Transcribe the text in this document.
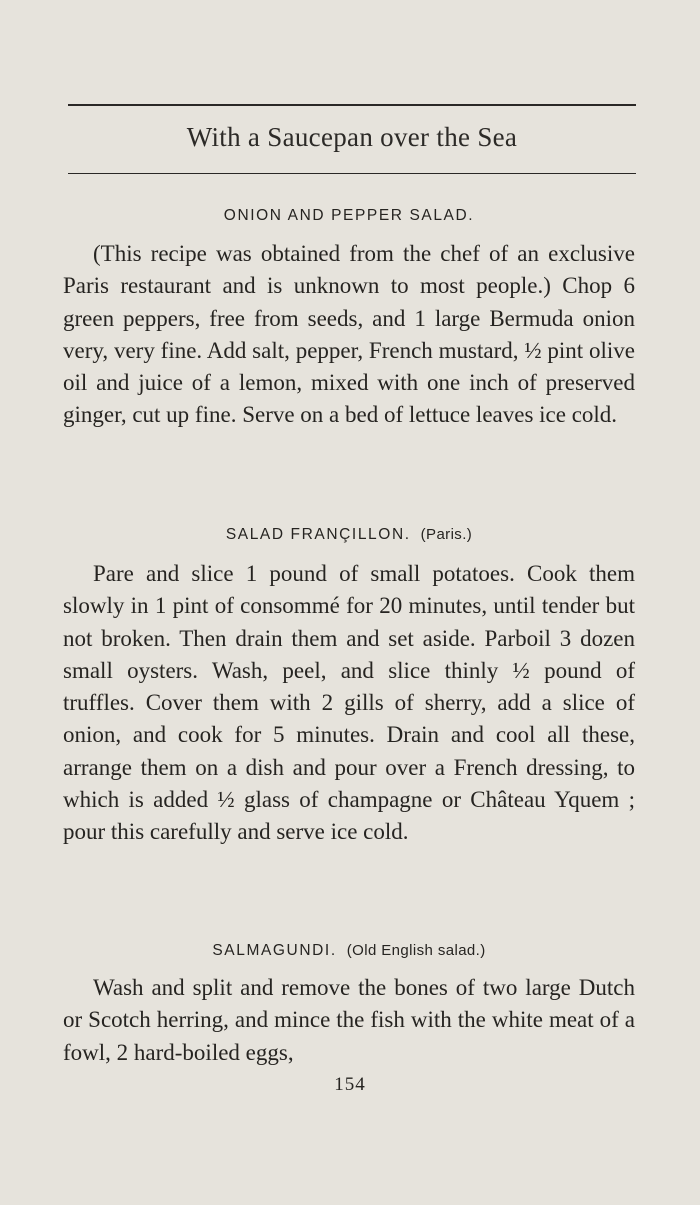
With a Saucepan over the Sea
ONION AND PEPPER SALAD.

(This recipe was obtained from the chef of an exclusive Paris restaurant and is unknown to most people.) Chop 6 green peppers, free from seeds, and 1 large Bermuda onion very, very fine. Add salt, pepper, French mustard, ½ pint olive oil and juice of a lemon, mixed with one inch of preserved ginger, cut up fine. Serve on a bed of lettuce leaves ice cold.

SALAD FRANÇILLON. (Paris.)

Pare and slice 1 pound of small potatoes. Cook them slowly in 1 pint of consommé for 20 minutes, until tender but not broken. Then drain them and set aside. Parboil 3 dozen small oysters. Wash, peel, and slice thinly ½ pound of truffles. Cover them with 2 gills of sherry, add a slice of onion, and cook for 5 minutes. Drain and cool all these, arrange them on a dish and pour over a French dressing, to which is added ½ glass of champagne or Château Yquem ; pour this carefully and serve ice cold.

SALMAGUNDI. (Old English salad.)

Wash and split and remove the bones of two large Dutch or Scotch herring, and mince the fish with the white meat of a fowl, 2 hard-boiled eggs,

154
